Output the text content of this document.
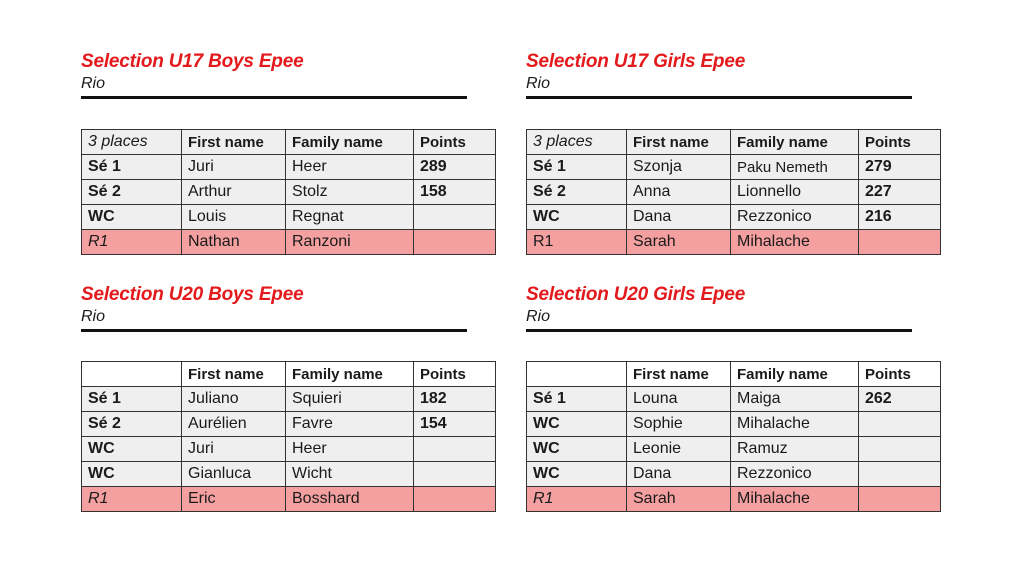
Selection U17 Boys Epee

Rio

3 places	First name	Family name	Points
Sé 1	Juri	Heer	289
Sé 2	Arthur	Stolz	158
WC	Louis	Regnat	
R1	Nathan	Ranzoni	

Selection U17 Girls Epee

Rio

3 places	First name	Family name	Points
Sé 1	Szonja	Paku Nemeth	279
Sé 2	Anna	Lionnello	227
WC	Dana	Rezzonico	216
R1	Sarah	Mihalache	

Selection U20 Boys Epee

Rio

	First name	Family name	Points
Sé 1	Juliano	Squieri	182
Sé 2	Aurélien	Favre	154
WC	Juri	Heer	
WC	Gianluca	Wicht	
R1	Eric	Bosshard	

Selection U20 Girls Epee

Rio

	First name	Family name	Points
Sé 1	Louna	Maiga	262
WC	Sophie	Mihalache	
WC	Leonie	Ramuz	
WC	Dana	Rezzonico	
R1	Sarah	Mihalache	
